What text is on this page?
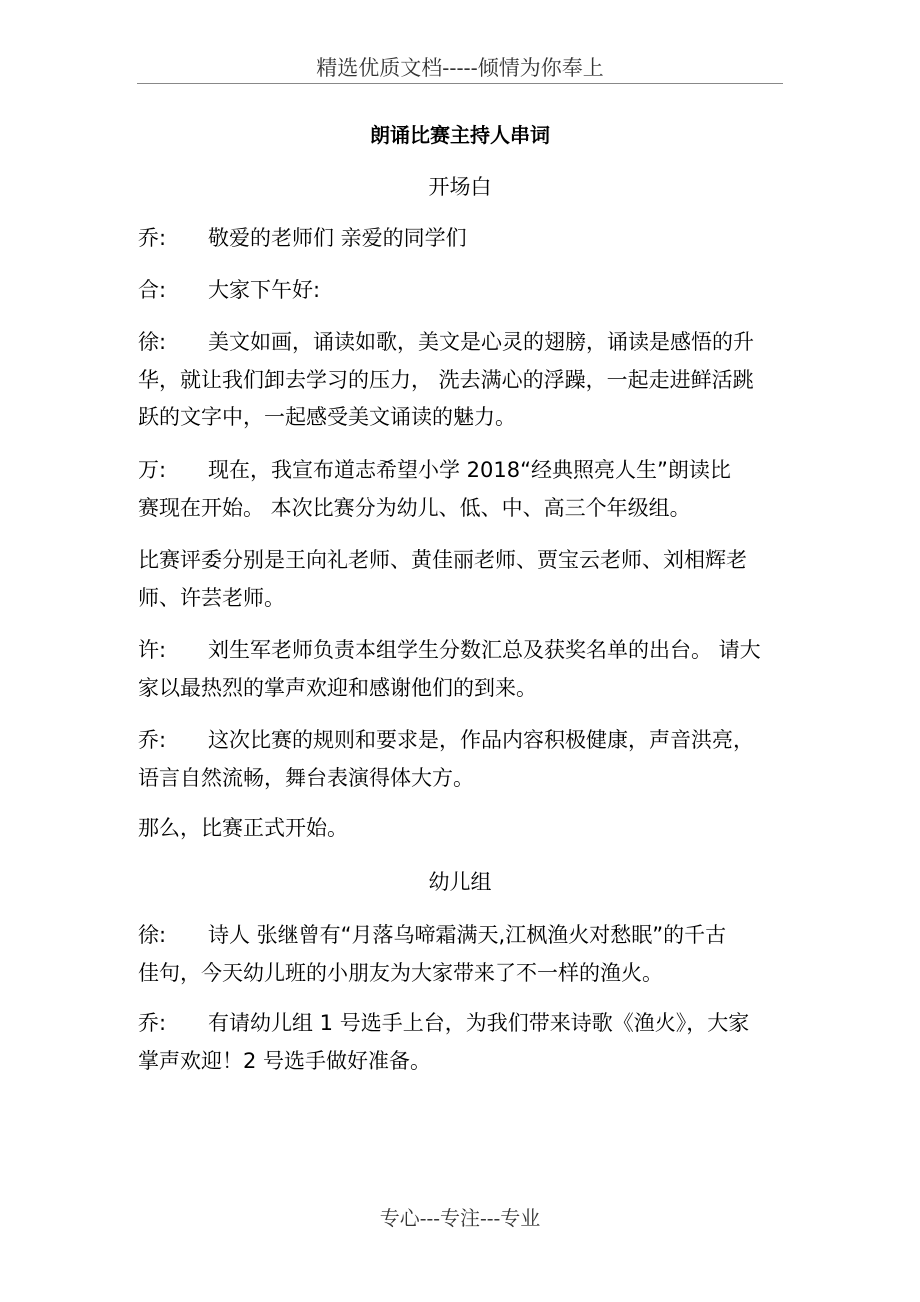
精选优质文档-----倾情为你奉上
朗诵比赛主持人串词
开场白
乔: 敬爱的老师们 亲爱的同学们
合: 大家下午好:
徐: 美文如画，诵读如歌，美文是心灵的翅膀，诵读是感悟的升
华，就让我们卸去学习的压力， 洗去满心的浮躁，一起走进鲜活跳
跃的文字中，一起感受美文诵读的魅力。
万: 现在，我宣布道志希望小学 2018“经典照亮人生”朗读比
赛现在开始。 本次比赛分为幼儿、低、中、高三个年级组。
比赛评委分别是王向礼老师、黄佳丽老师、贾宝云老师、刘相辉老
师、许芸老师。
许: 刘生军老师负责本组学生分数汇总及获奖名单的出台。 请大
家以最热烈的掌声欢迎和感谢他们的到来。
乔: 这次比赛的规则和要求是，作品内容积极健康，声音洪亮，
语言自然流畅，舞台表演得体大方。
那么，比赛正式开始。
幼儿组
徐: 诗人 张继曾有“月落乌啼霜满天,江枫渔火对愁眠”的千古
佳句，今天幼儿班的小朋友为大家带来了不一样的渔火。
乔: 有请幼儿组 1 号选手上台，为我们带来诗歌《渔火》，大家
掌声欢迎！2 号选手做好准备。
专心---专注---专业
